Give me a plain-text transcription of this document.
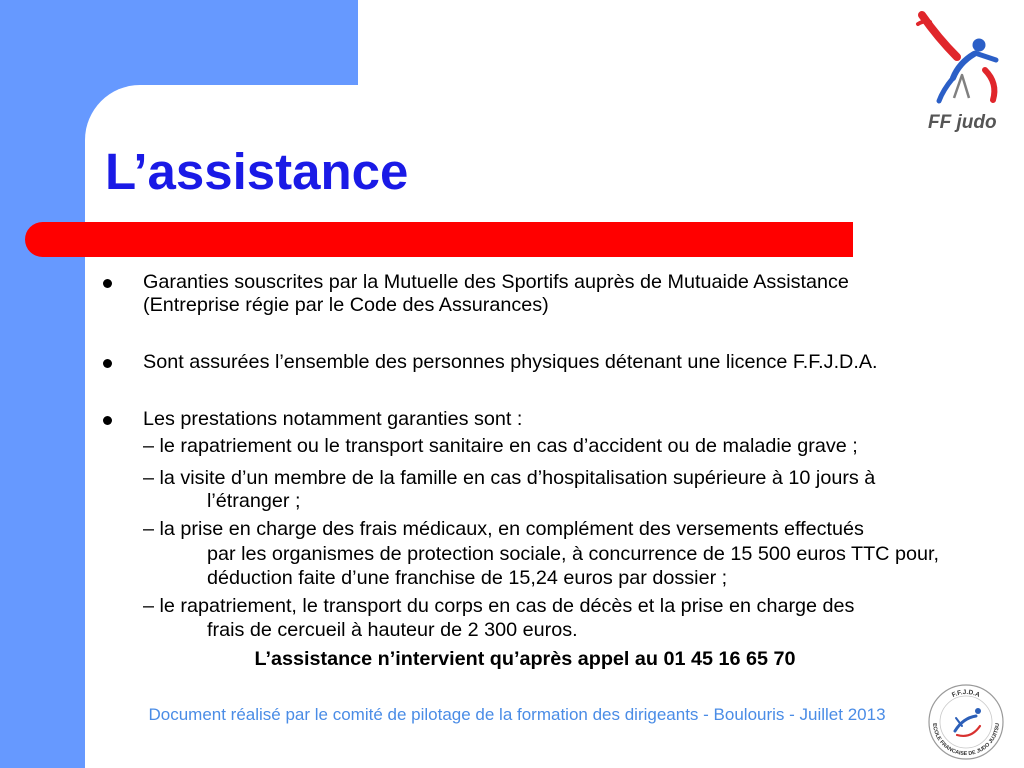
L’assistance
FF judo
Garanties souscrites par la Mutuelle des Sportifs auprès de Mutuaide Assistance
(Entreprise régie par le Code des Assurances)
Sont assurées l’ensemble des personnes physiques détenant une licence F.F.J.D.A.
Les prestations notamment garanties sont :
– le rapatriement ou le transport sanitaire en cas d’accident ou de maladie grave ;
– la visite d’un membre de la famille en cas d’hospitalisation supérieure à 10 jours à
l’étranger ;
– la prise en charge des frais médicaux, en complément des versements effectués
par les organismes de protection sociale, à concurrence de 15 500 euros TTC pour,
déduction faite d’une franchise de 15,24 euros par dossier ;
– le rapatriement, le transport du corps en cas de décès et la prise en charge des
frais de cercueil à hauteur de 2 300 euros.
L’assistance n’intervient qu’après appel au 01 45 16 65 70
Document réalisé par le comité de pilotage de la formation des dirigeants - Boulouris - Juillet 2013
F.F.J.D.A
ECOLE FRANCAISE DE JUDO JUJITSU
